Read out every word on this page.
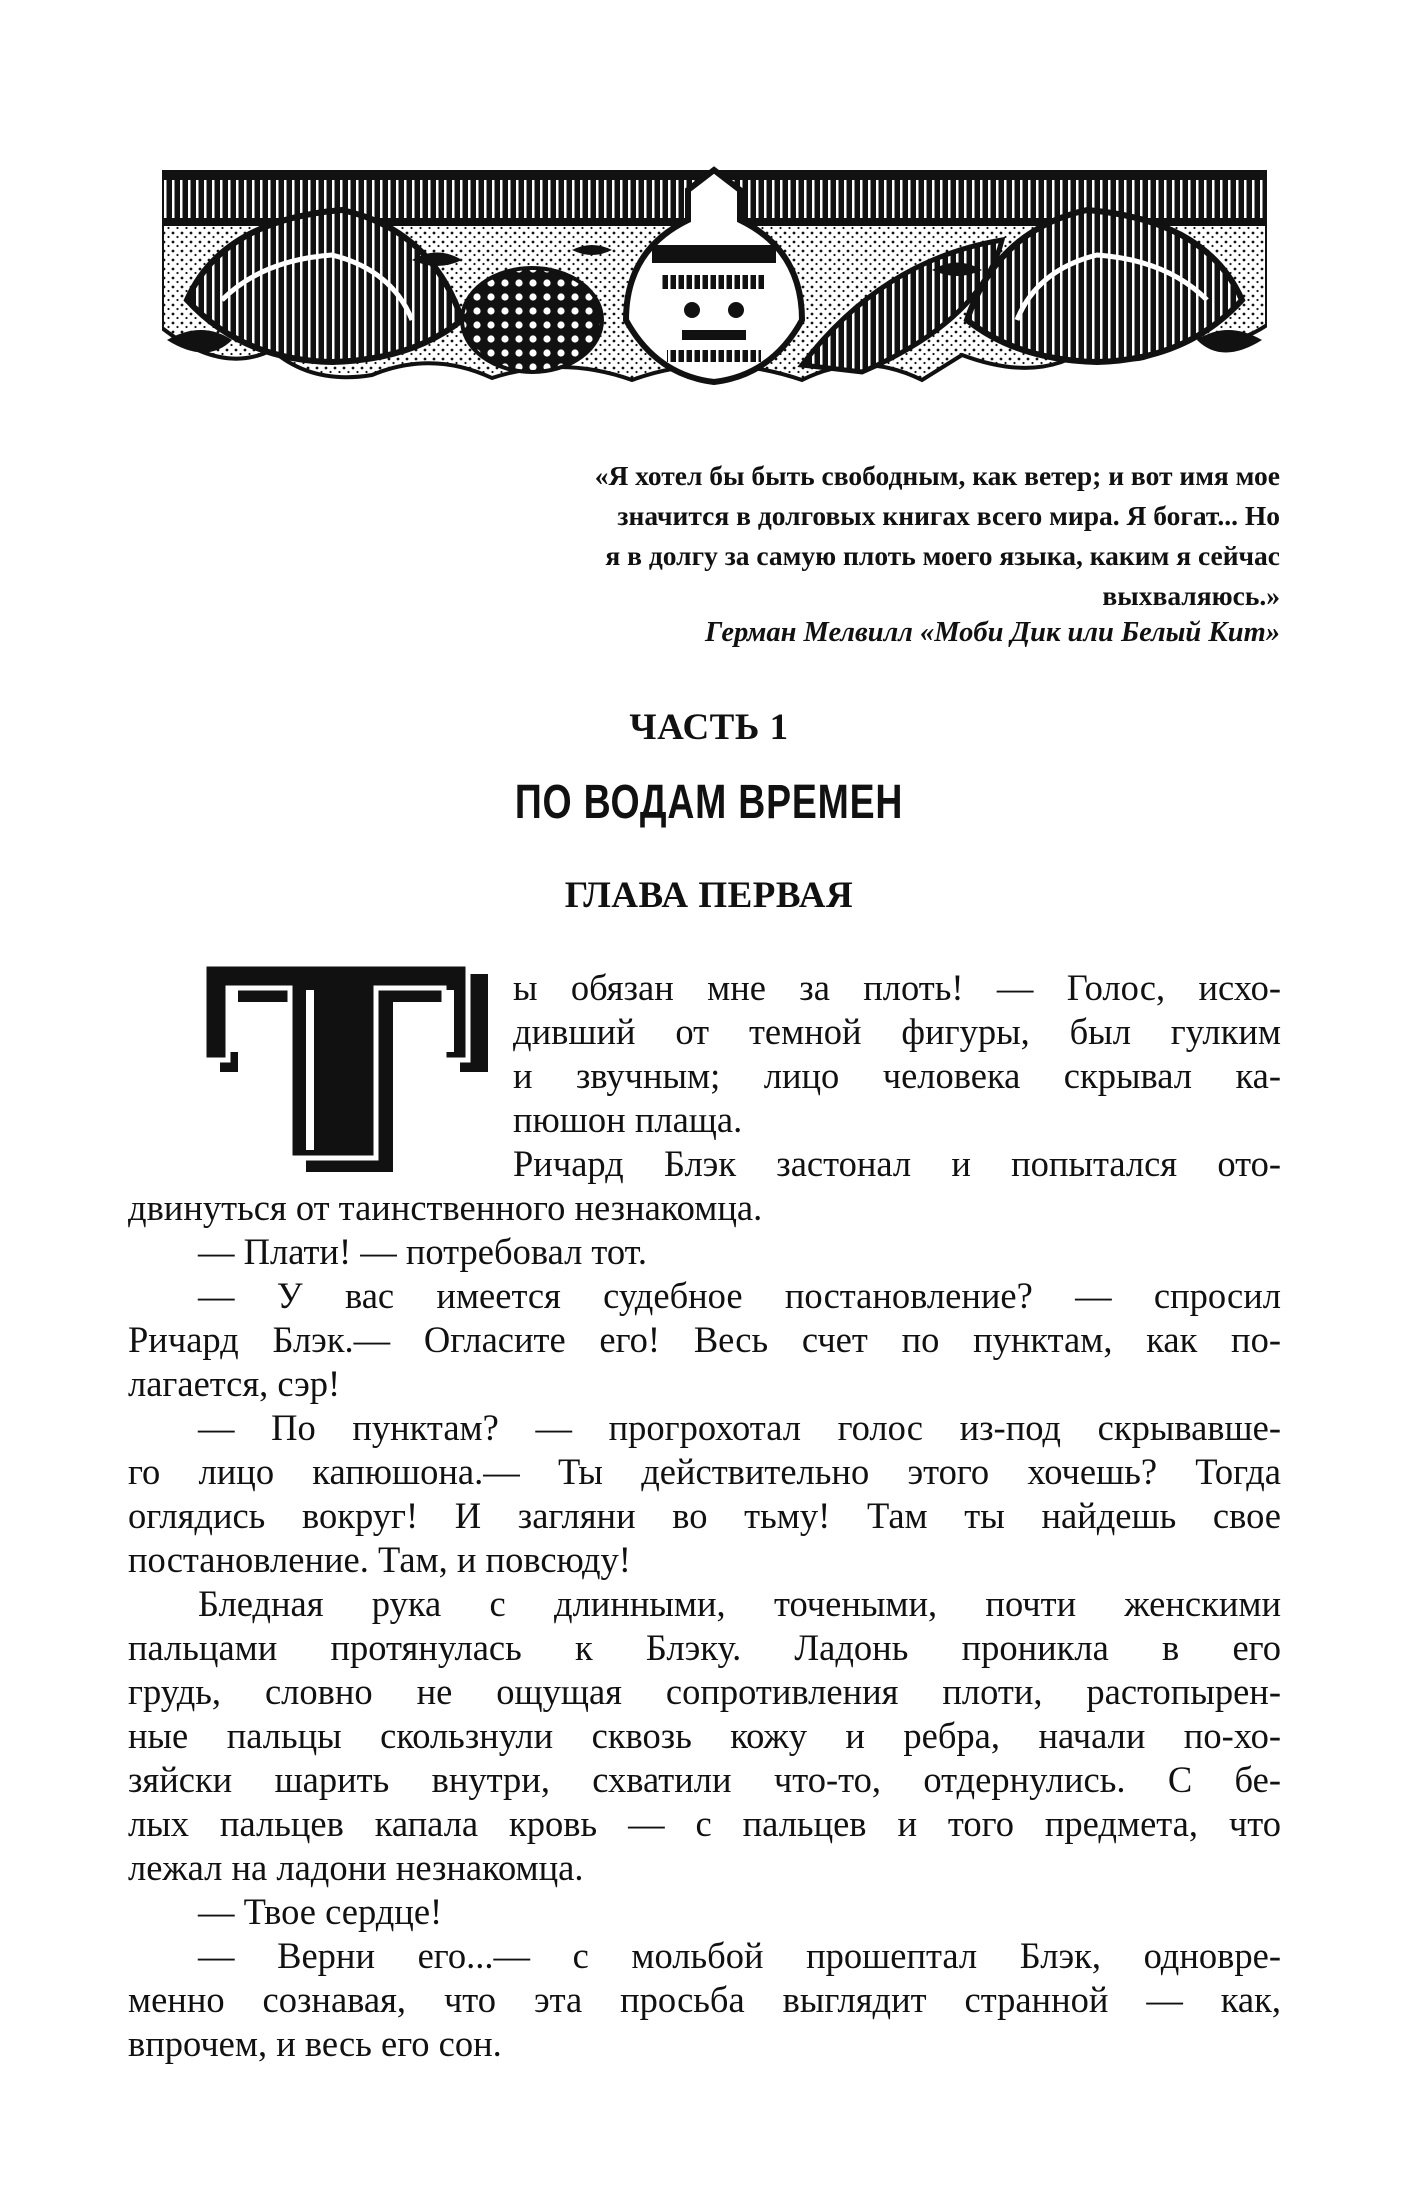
«Я хотел бы быть свободным, как ветер; и вот имя мое
значится в долговых книгах всего мира. Я богат... Но
я в долгу за самую плоть моего языка, каким я сейчас
выхваляюсь.»
Герман Мелвилл «Моби Дик или Белый Кит»
ЧАСТЬ 1
ПО ВОДАМ ВРЕМЕН
ГЛАВА ПЕРВАЯ
Т
ы обязан мне за плоть! — Голос, исхо-
дивший от темной фигуры, был гулким
и звучным; лицо человека скрывал ка-
пюшон плаща.
Ричард Блэк застонал и попытался ото-
двинуться от таинственного незнакомца.
— Плати! — потребовал тот.
— У вас имеется судебное постановление? — спросил
Ричард Блэк.— Огласите его! Весь счет по пунктам, как по-
лагается, сэр!
— По пунктам? — прогрохотал голос из-под скрывавше-
го лицо капюшона.— Ты действительно этого хочешь? Тогда
оглядись вокруг! И загляни во тьму! Там ты найдешь свое
постановление. Там, и повсюду!
Бледная рука с длинными, точеными, почти женскими
пальцами протянулась к Блэку. Ладонь проникла в его
грудь, словно не ощущая сопротивления плоти, растопырен-
ные пальцы скользнули сквозь кожу и ребра, начали по-хо-
зяйски шарить внутри, схватили что-то, отдернулись. С бе-
лых пальцев капала кровь — с пальцев и того предмета, что
лежал на ладони незнакомца.
— Твое сердце!
— Верни его...— с мольбой прошептал Блэк, одновре-
менно сознавая, что эта просьба выглядит странной — как,
впрочем, и весь его сон.
